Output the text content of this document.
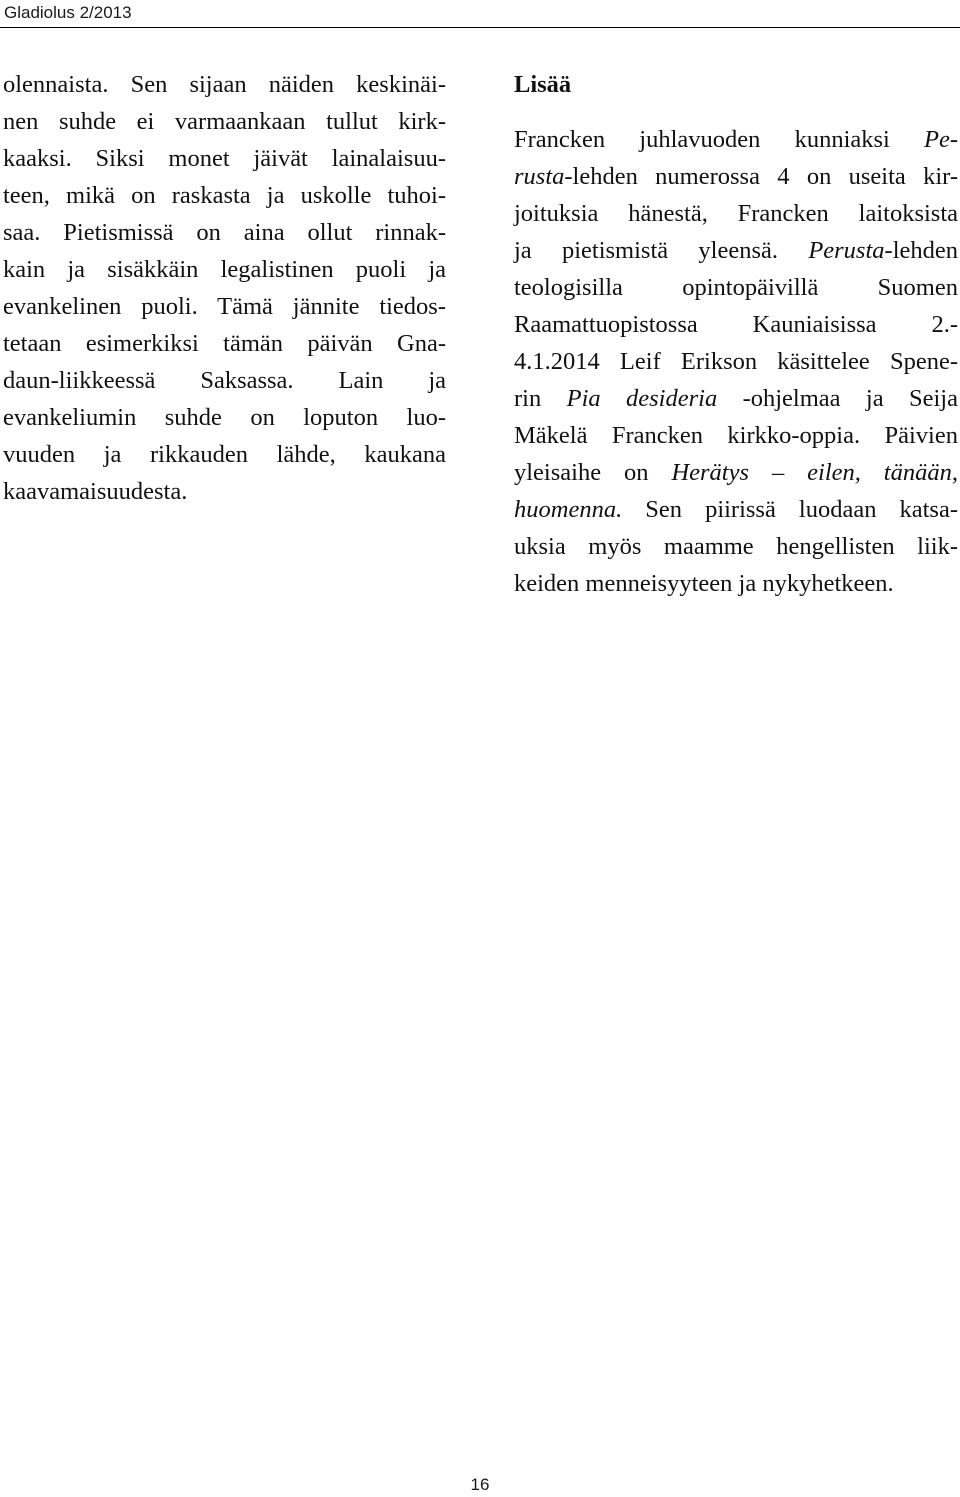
Gladiolus 2/2013
olennaista. Sen sijaan näiden keskinäi-
nen suhde ei varmaankaan tullut kirk-
kaaksi. Siksi monet jäivät lainalaisuu-
teen, mikä on raskasta ja uskolle tuhoi-
saa. Pietismissä on aina ollut rinnak-
kain ja sisäkkäin legalistinen puoli ja
evankelinen puoli. Tämä jännite tiedos-
tetaan esimerkiksi tämän päivän Gna-
daun-liikkeessä Saksassa. Lain ja
evankeliumin suhde on loputon luo-
vuuden ja rikkauden lähde, kaukana
kaavamaisuudesta.
Lisää
Francken juhlavuoden kunniaksi Pe-
rusta-lehden numerossa 4 on useita kir-
joituksia hänestä, Francken laitoksista
ja pietismistä yleensä. Perusta-lehden
teologisilla opintopäivillä Suomen
Raamattuopistossa Kauniaisissa 2.-
4.1.2014 Leif Erikson käsittelee Spene-
rin Pia desideria -ohjelmaa ja Seija
Mäkelä Francken kirkko-oppia. Päivien
yleisaihe on Herätys – eilen, tänään,
huomenna. Sen piirissä luodaan katsa-
uksia myös maamme hengellisten liik-
keiden menneisyyteen ja nykyhetkeen.
16
